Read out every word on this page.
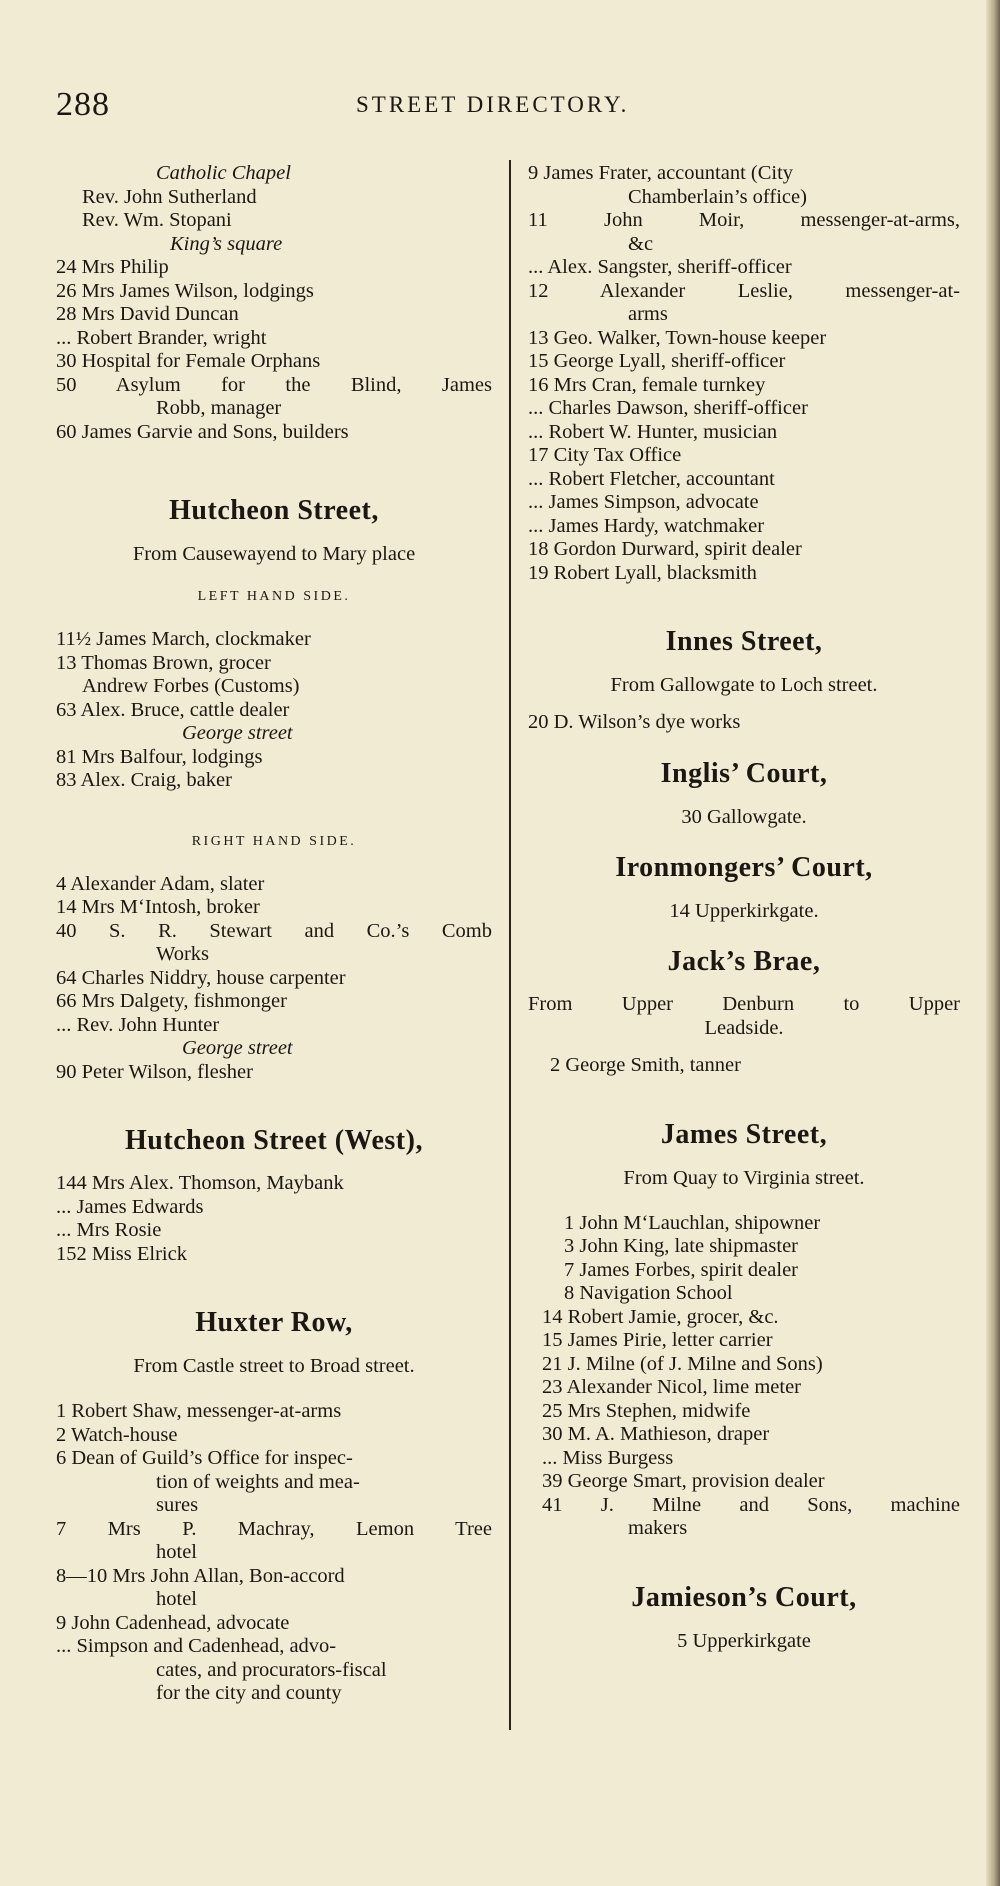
288	STREET DIRECTORY.
Catholic Chapel
Rev. John Sutherland
Rev. Wm. Stopani
King’s square
24 Mrs Philip
26 Mrs James Wilson, lodgings
28 Mrs David Duncan
... Robert Brander, wright
30 Hospital for Female Orphans
50 Asylum for the Blind, James
Robb, manager
60 James Garvie and Sons, builders
Hutcheon Street,
From Causewayend to Mary place
LEFT HAND SIDE.
11½ James March, clockmaker
13 Thomas Brown, grocer
Andrew Forbes (Customs)
63 Alex. Bruce, cattle dealer
George street
81 Mrs Balfour, lodgings
83 Alex. Craig, baker
RIGHT HAND SIDE.
4 Alexander Adam, slater
14 Mrs M‘Intosh, broker
40 S. R. Stewart and Co.’s Comb
Works
64 Charles Niddry, house carpenter
66 Mrs Dalgety, fishmonger
... Rev. John Hunter
George street
90 Peter Wilson, flesher
Hutcheon Street (West),
144 Mrs Alex. Thomson, Maybank
... James Edwards
... Mrs Rosie
152 Miss Elrick
Huxter Row,
From Castle street to Broad street.
1 Robert Shaw, messenger-at-arms
2 Watch-house
6 Dean of Guild’s Office for inspec-
tion of weights and mea-
sures
7 Mrs P. Machray, Lemon Tree
hotel
8—10 Mrs John Allan, Bon-accord
hotel
9 John Cadenhead, advocate
... Simpson and Cadenhead, advo-
cates, and procurators-fiscal
for the city and county
9 James Frater, accountant (City
Chamberlain’s office)
11 John Moir, messenger-at-arms,
&c
... Alex. Sangster, sheriff-officer
12 Alexander Leslie, messenger-at-
arms
13 Geo. Walker, Town-house keeper
15 George Lyall, sheriff-officer
16 Mrs Cran, female turnkey
... Charles Dawson, sheriff-officer
... Robert W. Hunter, musician
17 City Tax Office
... Robert Fletcher, accountant
... James Simpson, advocate
... James Hardy, watchmaker
18 Gordon Durward, spirit dealer
19 Robert Lyall, blacksmith
Innes Street,
From Gallowgate to Loch street.
20 D. Wilson’s dye works
Inglis’ Court,
30 Gallowgate.
Ironmongers’ Court,
14 Upperkirkgate.
Jack’s Brae,
From Upper Denburn to Upper
Leadside.
2 George Smith, tanner
James Street,
From Quay to Virginia street.
1 John M‘Lauchlan, shipowner
3 John King, late shipmaster
7 James Forbes, spirit dealer
8 Navigation School
14 Robert Jamie, grocer, &c.
15 James Pirie, letter carrier
21 J. Milne (of J. Milne and Sons)
23 Alexander Nicol, lime meter
25 Mrs Stephen, midwife
30 M. A. Mathieson, draper
... Miss Burgess
39 George Smart, provision dealer
41 J. Milne and Sons, machine
makers
Jamieson’s Court,
5 Upperkirkgate
